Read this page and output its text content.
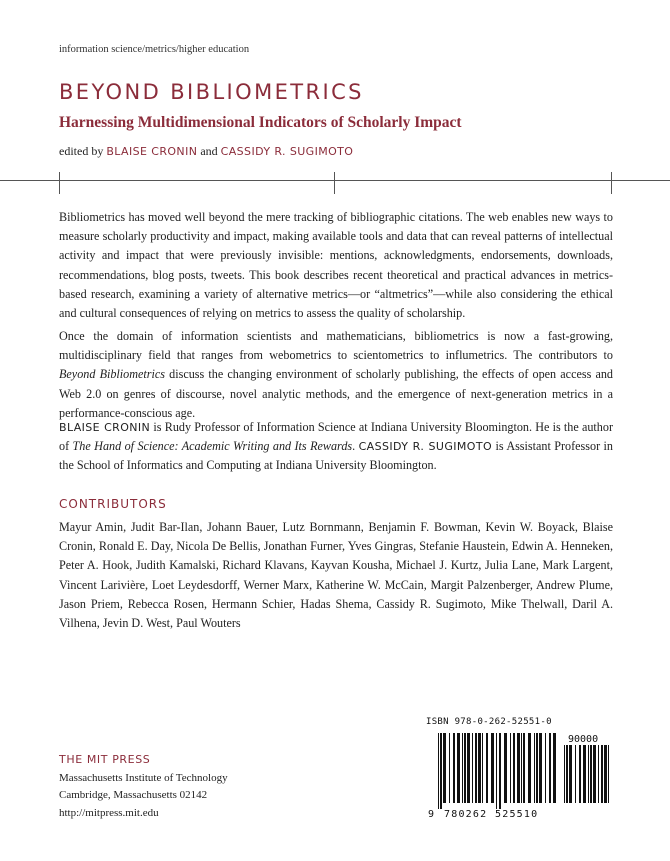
information science/metrics/higher education
BEYOND BIBLIOMETRICS
Harnessing Multidimensional Indicators of Scholarly Impact
edited by BLAISE CRONIN and CASSIDY R. SUGIMOTO

Bibliometrics has moved well beyond the mere tracking of bibliographic citations. The web enables new ways to measure scholarly productivity and impact, making available tools and data that can reveal patterns of intellectual activity and impact that were previously invisible: mentions, acknowledgments, endorsements, downloads, recommendations, blog posts, tweets. This book describes recent theoretical and practical advances in metrics-based research, examining a variety of alternative metrics—or “altmetrics”—while also considering the ethical and cultural consequences of relying on metrics to assess the quality of scholarship.

Once the domain of information scientists and mathematicians, bibliometrics is now a fast-growing, multidisciplinary field that ranges from webometrics to scientometrics to influmetrics. The contributors to Beyond Bibliometrics discuss the changing environment of scholarly publishing, the effects of open access and Web 2.0 on genres of discourse, novel analytic methods, and the emergence of next-generation metrics in a performance-conscious age.

BLAISE CRONIN is Rudy Professor of Information Science at Indiana University Bloomington. He is the author of The Hand of Science: Academic Writing and Its Rewards. CASSIDY R. SUGIMOTO is Assistant Professor in the School of Informatics and Computing at Indiana University Bloomington.

CONTRIBUTORS

Mayur Amin, Judit Bar-Ilan, Johann Bauer, Lutz Bornmann, Benjamin F. Bowman, Kevin W. Boyack, Blaise Cronin, Ronald E. Day, Nicola De Bellis, Jonathan Furner, Yves Gingras, Stefanie Haustein, Edwin A. Henneken, Peter A. Hook, Judith Kamalski, Richard Klavans, Kayvan Kousha, Michael J. Kurtz, Julia Lane, Mark Largent, Vincent Larivière, Loet Leydesdorff, Werner Marx, Katherine W. McCain, Margit Palzenberger, Andrew Plume, Jason Priem, Rebecca Rosen, Hermann Schier, Hadas Shema, Cassidy R. Sugimoto, Mike Thelwall, Daril A. Vilhena, Jevin D. West, Paul Wouters

ISBN 978-0-262-52551-0
9 780262 525510
90000
THE MIT PRESS
Massachusetts Institute of Technology
Cambridge, Massachusetts 02142
http://mitpress.mit.edu
